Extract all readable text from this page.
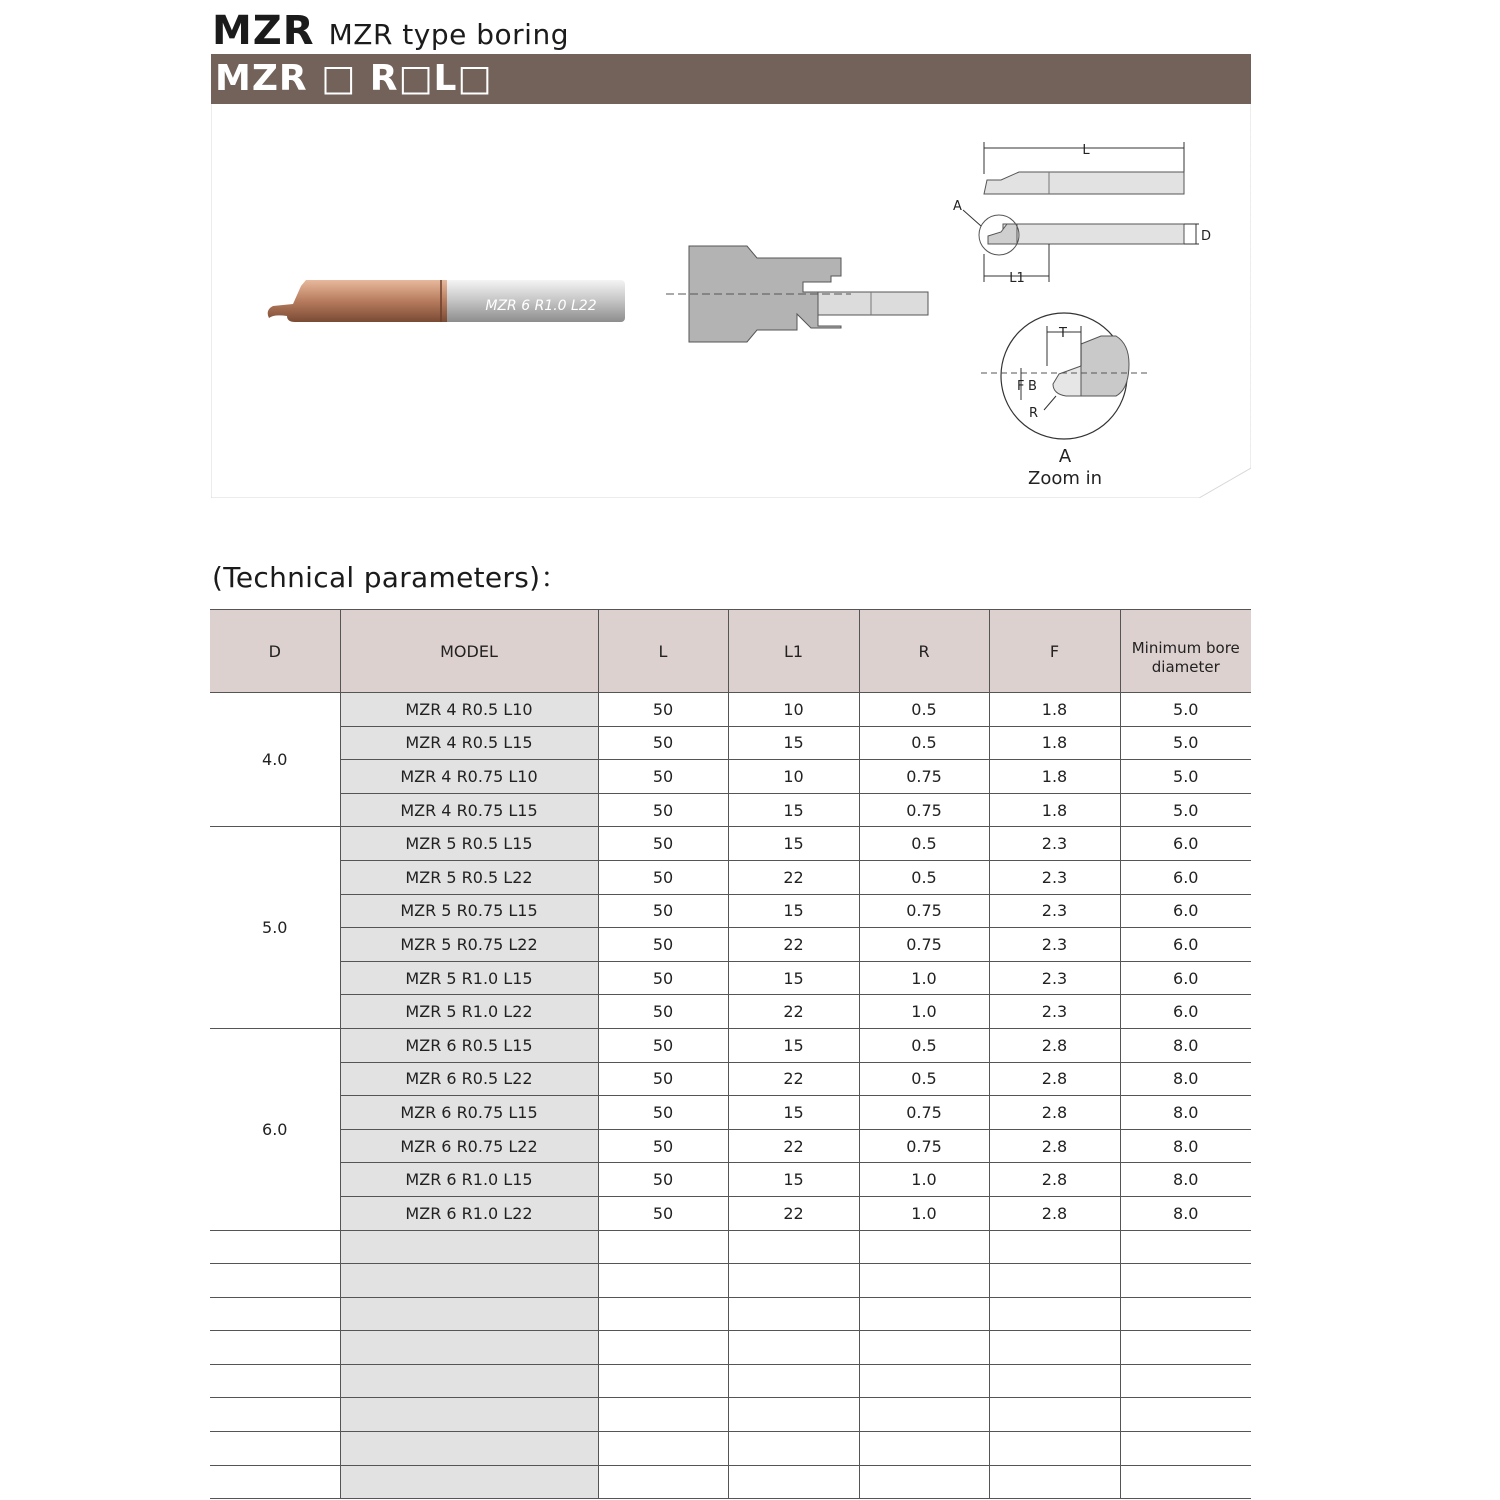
MZR MZR type boring
MZR □ R□L□
MZR 6 R1.0 L22
L
A
D
L1
T
F B
R
A
Zoom in
(Technical parameters)：
D	MODEL	L	L1	R	F	Minimum bore diameter
4.0	MZR 4 R0.5 L10	50	10	0.5	1.8	5.0
	MZR 4 R0.5 L15	50	15	0.5	1.8	5.0
	MZR 4 R0.75 L10	50	10	0.75	1.8	5.0
	MZR 4 R0.75 L15	50	15	0.75	1.8	5.0
5.0	MZR 5 R0.5 L15	50	15	0.5	2.3	6.0
	MZR 5 R0.5 L22	50	22	0.5	2.3	6.0
	MZR 5 R0.75 L15	50	15	0.75	2.3	6.0
	MZR 5 R0.75 L22	50	22	0.75	2.3	6.0
	MZR 5 R1.0 L15	50	15	1.0	2.3	6.0
	MZR 5 R1.0 L22	50	22	1.0	2.3	6.0
6.0	MZR 6 R0.5 L15	50	15	0.5	2.8	8.0
	MZR 6 R0.5 L22	50	22	0.5	2.8	8.0
	MZR 6 R0.75 L15	50	15	0.75	2.8	8.0
	MZR 6 R0.75 L22	50	22	0.75	2.8	8.0
	MZR 6 R1.0 L15	50	15	1.0	2.8	8.0
	MZR 6 R1.0 L22	50	22	1.0	2.8	8.0
